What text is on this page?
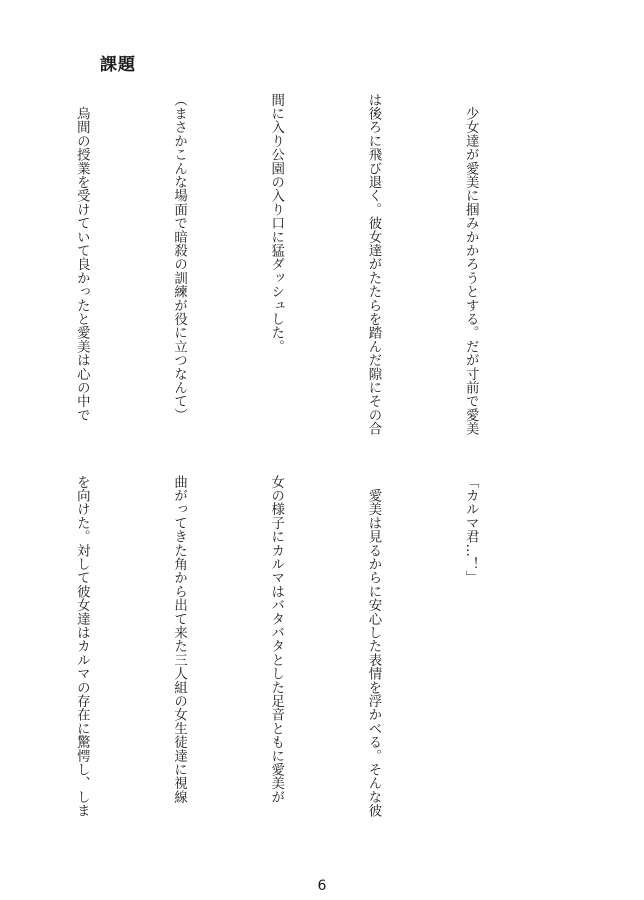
課題

　少女達が愛美に掴みかかろうとする。だが寸前で愛美

は後ろに飛び退く。彼女達がたたらを踏んだ隙にその合

間に入り公園の入り口に猛ダッシュした。

（まさかこんな場面で暗殺の訓練が役に立つなんて）

　烏間の授業を受けていて良かったと愛美は心の中で

「カルマ君…！」

　愛美は見るからに安心した表情を浮かべる。そんな彼

女の様子にカルマはバタバタとした足音ともに愛美が

曲がってきた角から出て来た三人組の女生徒達に視線

を向けた。対して彼女達はカルマの存在に驚愕し、しま

6
